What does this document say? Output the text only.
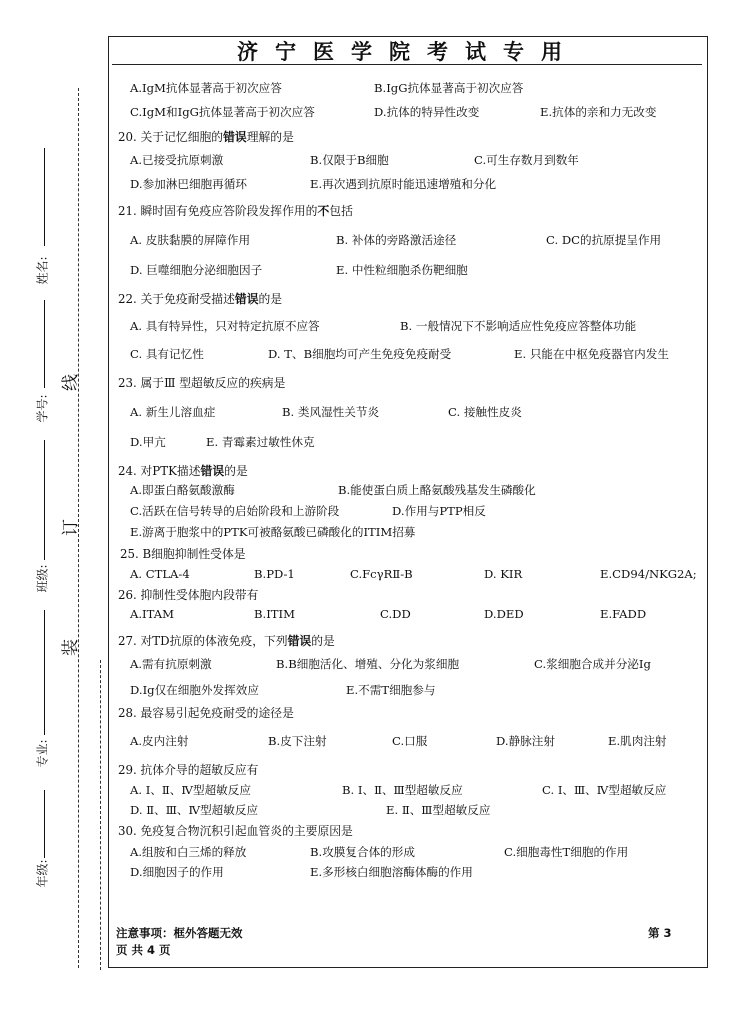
姓名:
学号:
班级:
专业:
年级:
线
订
装
济宁医学院考试专用
A.IgM抗体显著高于初次应答	B.IgG抗体显著高于初次应答
C.IgM和IgG抗体显著高于初次应答	D.抗体的特异性改变	E.抗体的亲和力无改变
20. 关于记忆细胞的错误理解的是
A.已接受抗原刺激	B.仅限于B细胞	C.可生存数月到数年
D.参加淋巴细胞再循环	E.再次遇到抗原时能迅速增殖和分化
21. 瞬时固有免疫应答阶段发挥作用的不包括
A. 皮肤黏膜的屏障作用	B. 补体的旁路激活途径	C. DC的抗原提呈作用
D. 巨噬细胞分泌细胞因子	E. 中性粒细胞杀伤靶细胞
22. 关于免疫耐受描述错误的是
A. 具有特异性，只对特定抗原不应答	B. 一般情况下不影响适应性免疫应答整体功能
C. 具有记忆性	D. T、B细胞均可产生免疫免疫耐受	E. 只能在中枢免疫器官内发生
23. 属于Ⅲ 型超敏反应的疾病是
A. 新生儿溶血症	B. 类风湿性关节炎	C. 接触性皮炎
D.甲亢	E. 青霉素过敏性休克
24. 对PTK描述错误的是
A.即蛋白酪氨酸激酶	B.能使蛋白质上酪氨酸残基发生磷酸化
C.活跃在信号转导的启始阶段和上游阶段	D.作用与PTP相反
E.游离于胞浆中的PTK可被酪氨酸已磷酸化的ITIM招募
25. B细胞抑制性受体是
A. CTLA-4	B.PD-1	C.FcγRⅡ-B	D. KIR	E.CD94/NKG2A;
26. 抑制性受体胞内段带有
A.ITAM	B.ITIM	C.DD	D.DED	E.FADD
27. 对TD抗原的体液免疫，下列错误的是
A.需有抗原刺激	B.B细胞活化、增殖、分化为浆细胞	C.浆细胞合成并分泌Ig
D.Ig仅在细胞外发挥效应	E.不需T细胞参与
28. 最容易引起免疫耐受的途径是
A.皮内注射	B.皮下注射	C.口服	D.静脉注射	E.肌肉注射
29. 抗体介导的超敏反应有
A. Ⅰ、Ⅱ、Ⅳ型超敏反应	B. Ⅰ、Ⅱ、Ⅲ型超敏反应	C. Ⅰ、Ⅲ、Ⅳ型超敏反应
D. Ⅱ、Ⅲ、Ⅳ型超敏反应	E. Ⅱ、Ⅲ型超敏反应
30. 免疫复合物沉积引起血管炎的主要原因是
A.组胺和白三烯的释放	B.攻膜复合体的形成	C.细胞毒性T细胞的作用
D.细胞因子的作用	E.多形核白细胞溶酶体酶的作用
注意事项：框外答题无效	第 3
页 共 4 页
